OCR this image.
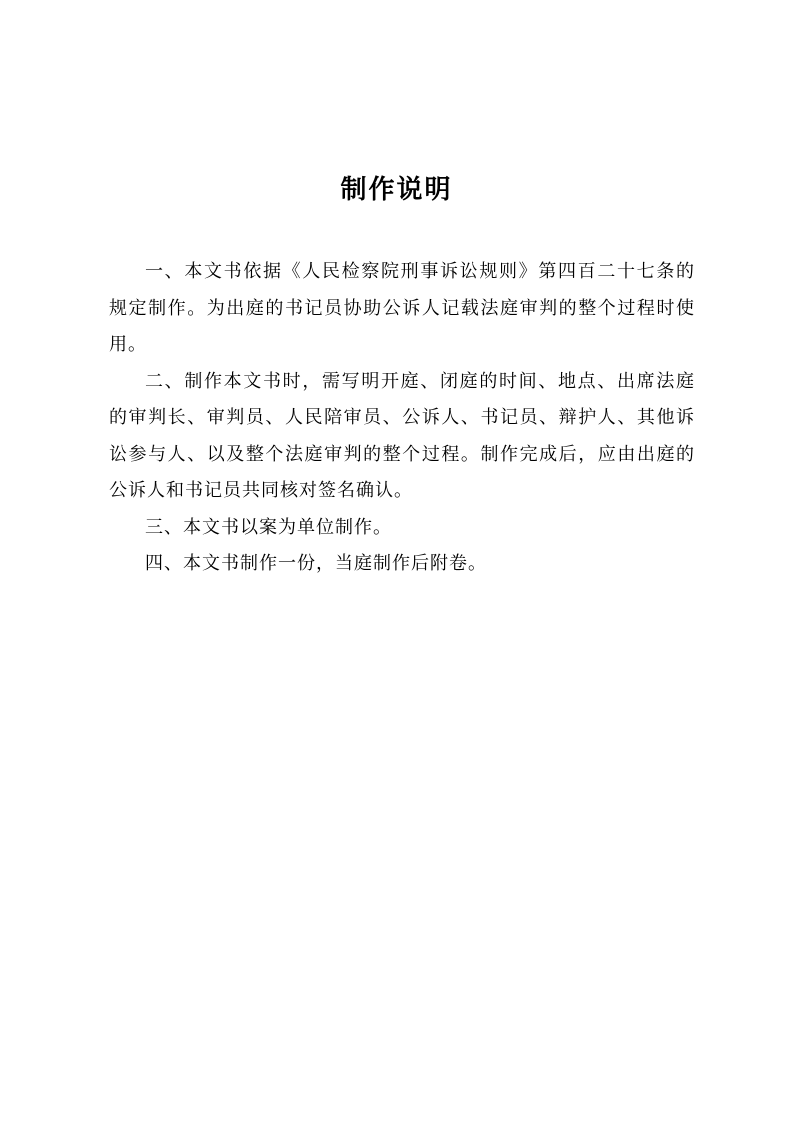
制作说明

一、本文书依据《人民检察院刑事诉讼规则》第四百二十七条的规定制作。为出庭的书记员协助公诉人记载法庭审判的整个过程时使用。

二、制作本文书时，需写明开庭、闭庭的时间、地点、出席法庭的审判长、审判员、人民陪审员、公诉人、书记员、辩护人、其他诉讼参与人、以及整个法庭审判的整个过程。制作完成后，应由出庭的公诉人和书记员共同核对签名确认。

三、本文书以案为单位制作。

四、本文书制作一份，当庭制作后附卷。
